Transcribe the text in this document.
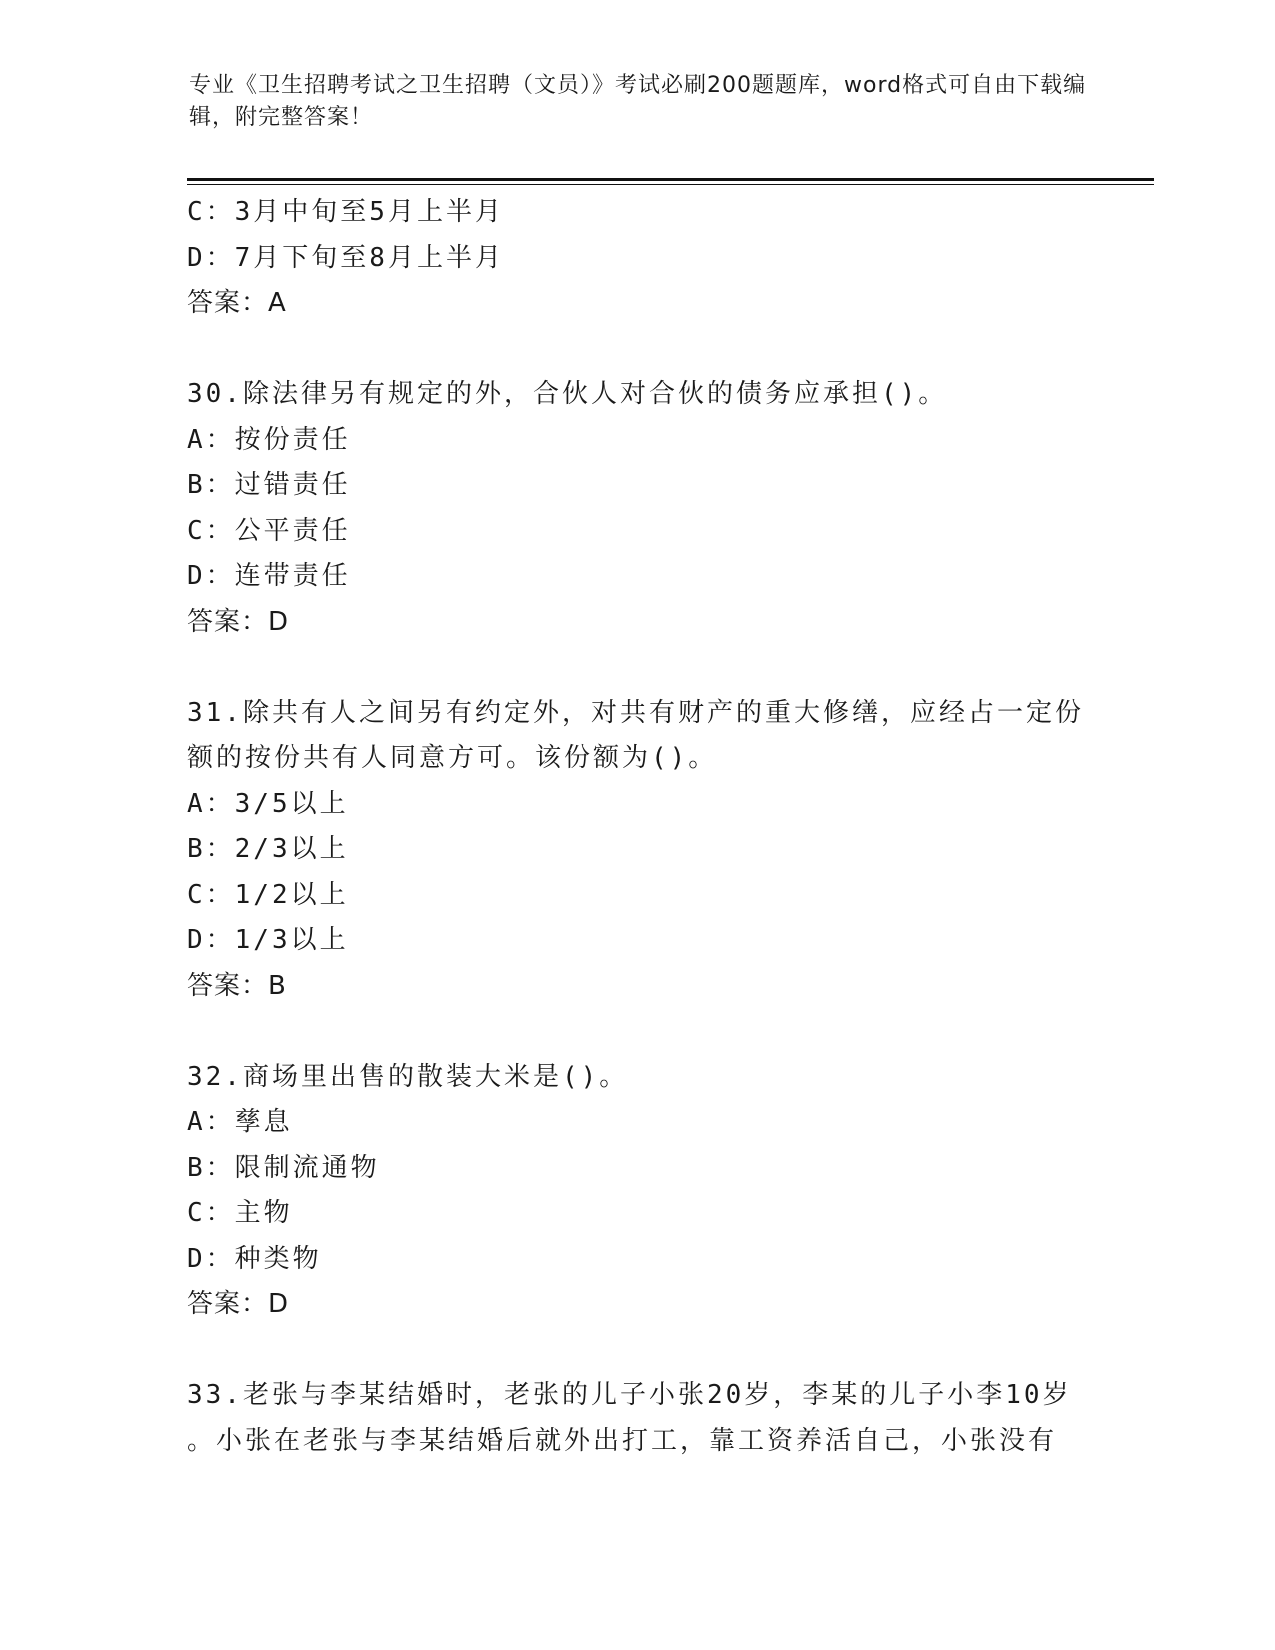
专业《卫生招聘考试之卫生招聘（文员）》考试必刷200题题库，word格式可自由下载编辑，附完整答案！
C：3月中旬至5月上半月
D：7月下旬至8月上半月
答案：A
30.除法律另有规定的外，合伙人对合伙的债务应承担()。
A：按份责任
B：过错责任
C：公平责任
D：连带责任
答案：D
31.除共有人之间另有约定外，对共有财产的重大修缮，应经占一定份
额的按份共有人同意方可。该份额为()。
A：3/5以上
B：2/3以上
C：1/2以上
D：1/3以上
答案：B
32.商场里出售的散装大米是()。
A：孳息
B：限制流通物
C：主物
D：种类物
答案：D
33.老张与李某结婚时，老张的儿子小张20岁，李某的儿子小李10岁
。小张在老张与李某结婚后就外出打工，靠工资养活自己，小张没有
